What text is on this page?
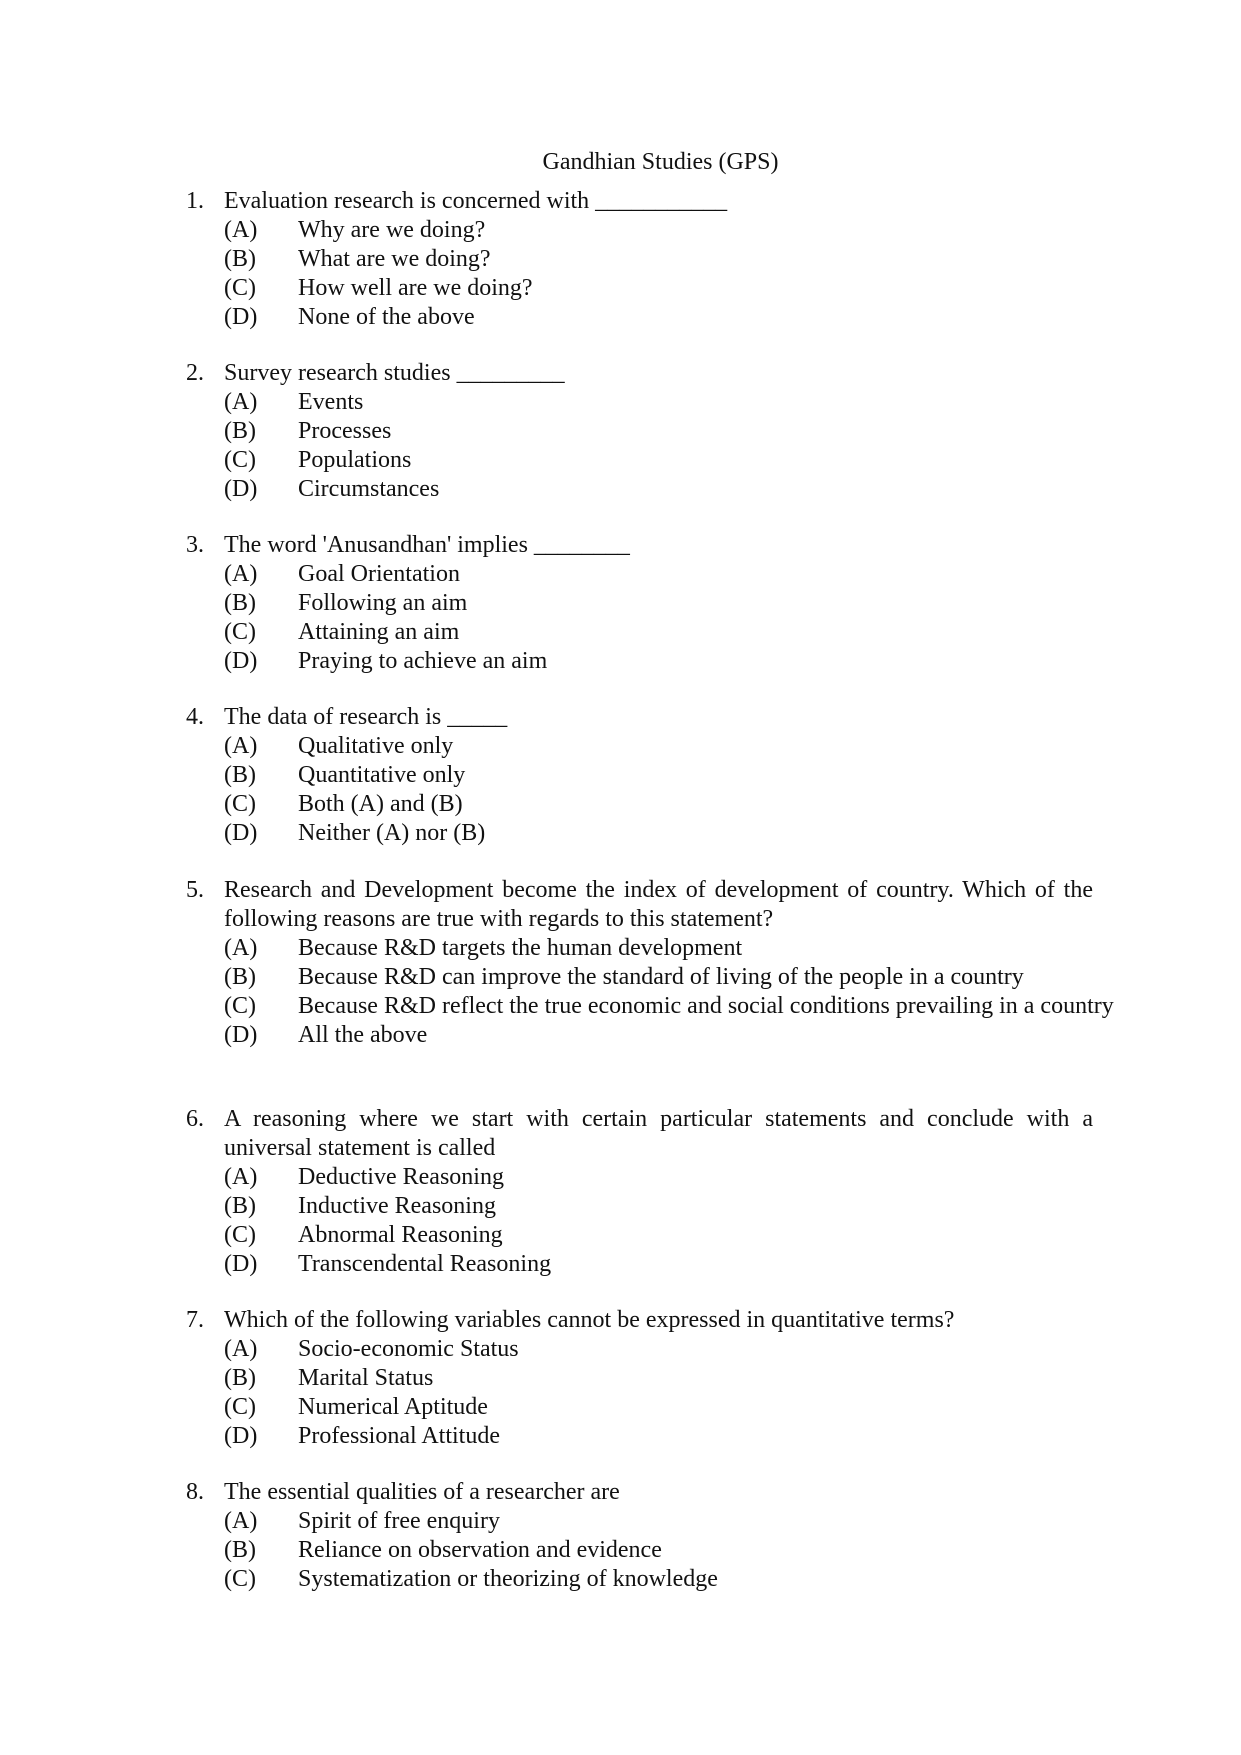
Gandhian Studies (GPS)
1. Evaluation research is concerned with ___________
(A) Why are we doing?
(B) What are we doing?
(C) How well are we doing?
(D) None of the above
2. Survey research studies _________
(A) Events
(B) Processes
(C) Populations
(D) Circumstances
3. The word 'Anusandhan' implies ________
(A) Goal Orientation
(B) Following an aim
(C) Attaining an aim
(D) Praying to achieve an aim
4. The data of research is _____
(A) Qualitative only
(B) Quantitative only
(C) Both (A) and (B)
(D) Neither (A) nor (B)
5. Research and Development become the index of development of country. Which of the following reasons are true with regards to this statement?
(A) Because R&D targets the human development
(B) Because R&D can improve the standard of living of the people in a country
(C)	Because R&D reflect the true economic and social conditions prevailing in a country
(D) All the above
6. A reasoning where we start with certain particular statements and conclude with a universal statement is called
(A) Deductive Reasoning
(B) Inductive Reasoning
(C) Abnormal Reasoning
(D) Transcendental Reasoning
7. Which of the following variables cannot be expressed in quantitative terms?
(A) Socio-economic Status
(B) Marital Status
(C) Numerical Aptitude
(D) Professional Attitude
8. The essential qualities of a researcher are
(A) Spirit of free enquiry
(B) Reliance on observation and evidence
(C) Systematization or theorizing of knowledge
